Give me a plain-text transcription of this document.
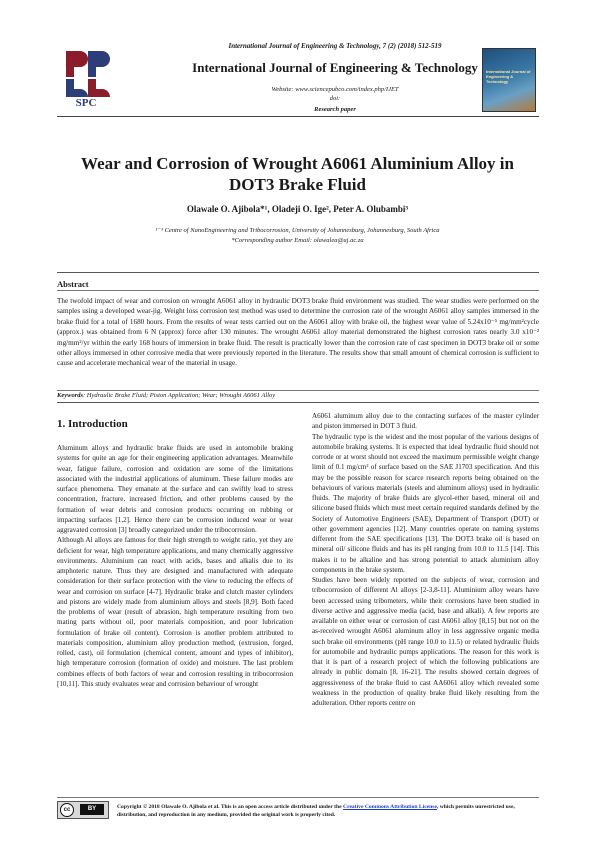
SPC
International Journal of Engineering & Technology, 7 (2) (2018) 512-519
International Journal of Engineering & Technology
Website: www.sciencepubco.com/index.php/IJET
doi:
Research paper
International Journal of Engineering & Technology
Wear and Corrosion of Wrought A6061 Aluminium Alloy in DOT3 Brake Fluid
Olawale O. Ajibola*¹, Oladeji O. Ige², Peter A. Olubambi³
¹⁻³ Centre of NanoEngineering and Tribocorrosion, University of Johannesburg, Johannesburg, South Africa
*Corresponding author Email: olawalea@uj.ac.za
Abstract
The twofold impact of wear and corrosion on wrought A6061 alloy in hydraulic DOT3 brake fluid environment was studied. The wear studies were performed on the samples using a developed wear-jig. Weight loss corrosion test method was used to determine the corrosion rate of the wrought A6061 alloy samples immersed in the brake fluid for a total of 1680 hours. From the results of wear tests carried out on the A6061 alloy with brake oil, the highest wear value of 5.24x10⁻⁵ mg/mm²cycle (approx.) was obtained from 6 N (approx) force after 130 minutes. The wrought A6061 alloy material demonstrated the highest corrosion rates nearly 3.0 x10⁻² mg/mm²/yr within the early 168 hours of immersion in brake fluid. The result is practically lower than the corrosion rate of cast specimen in DOT3 brake oil or some other alloys immersed in other corrosive media that were previously reported in the literature. The results show that small amount of chemical corrosion is sufficient to cause and accelerate mechanical wear of the material in usage.
Keywords: Hydraulic Brake Fluid; Piston Application; Wear; Wrought A6061 Alloy
1. Introduction

Aluminum alloys and hydraulic brake fluids are used in automobile braking systems for quite an age for their engineering application advantages. Meanwhile wear, fatigue failure, corrosion and oxidation are some of the limitations associated with the industrial applications of aluminum. These failure modes are surface phenomena. They emanate at the surface and can swiftly lead to stress concentration, fracture, increased friction, and other problems caused by the formation of wear debris and corrosion products occurring on rubbing or impacting surfaces [1,2]. Hence there can be corrosion induced wear or wear aggravated corrosion [3] broadly categorized under the tribocorrosion.

Although Al alloys are famous for their high strength to weight ratio, yet they are deficient for wear, high temperature applications, and many chemically aggressive environments. Aluminium can react with acids, bases and alkalis due to its amphoteric nature. Thus they are designed and manufactured with adequate consideration for their surface protection with the view to reducing the effects of wear and corrosion on surface [4-7]. Hydraulic brake and clutch master cylinders and pistons are widely made from aluminium alloys and steels [8,9]. Both faced the problems of wear (result of abrasion, high temperature resulting from two mating parts without oil, poor materials composition, and poor lubrication formulation of brake oil content). Corrosion is another problem attributed to materials composition, aluminium alloy production method, (extrusion, forged, rolled, cast), oil formulation (chemical content, amount and types of inhibitor), high temperature corrosion (formation of oxide) and moisture. The last problem combines effects of both factors of wear and corrosion resulting in tribocorrosion [10,11]. This study evaluates wear and corrosion behaviour of wrought

A6061 aluminum alloy due to the contacting surfaces of the master cylinder and piston immersed in DOT 3 fluid.

The hydraulic type is the widest and the most popular of the various designs of automobile braking systems. It is expected that ideal hydraulic fluid should not corrode or at worst should not exceed the maximum permissible weight change limit of 0.1 mg/cm² of surface based on the SAE J1703 specification. And this may be the possible reason for scarce research reports being obtained on the behaviours of various materials (steels and aluminum alloys) used in hydraulic fluids. The majority of brake fluids are glycol-ether based, mineral oil and silicone based fluids which must meet certain required standards defined by the Society of Automotive Engineers (SAE), Department of Transport (DOT) or other government agencies [12]. Many countries operate on naming systems different from the SAE specifications [13]. The DOT3 brake oil is based on mineral oil/ silicone fluids and has its pH ranging from 10.0 to 11.5 [14]. This makes it to be alkaline and has strong potential to attack aluminium alloy components in the brake system.

Studies have been widely reported on the subjects of wear, corrosion and tribocorrosion of different Al alloys [2-3,8-11]. Aluminium alloy wears have been accessed using tribometers, while their corrosions have been studied in diverse active and aggressive media (acid, base and alkali). A few reports are available on either wear or corrosion of cast A6061 alloy [8,15] but not on the as-received wrought A6061 aluminum alloy in less aggressive organic media such brake oil environments (pH range 10.0 to 11.5) or related hydraulic fluids for automobile and hydraulic pumps applications. The reason for this work is that it is part of a research project of which the following publications are already in public domain [8, 16-21]. The results showed certain degrees of aggressiveness of the brake fluid to cast AA6061 alloy which revealed some weakness in the production of quality brake fluid likely resulting from the adulteration. Other reports centre on

cc	BY	Copyright © 2018 Olawale O. Ajibola et al. This is an open access article distributed under the Creative Commons Attribution License, which permits unrestricted use, distribution, and reproduction in any medium, provided the original work is properly cited.
